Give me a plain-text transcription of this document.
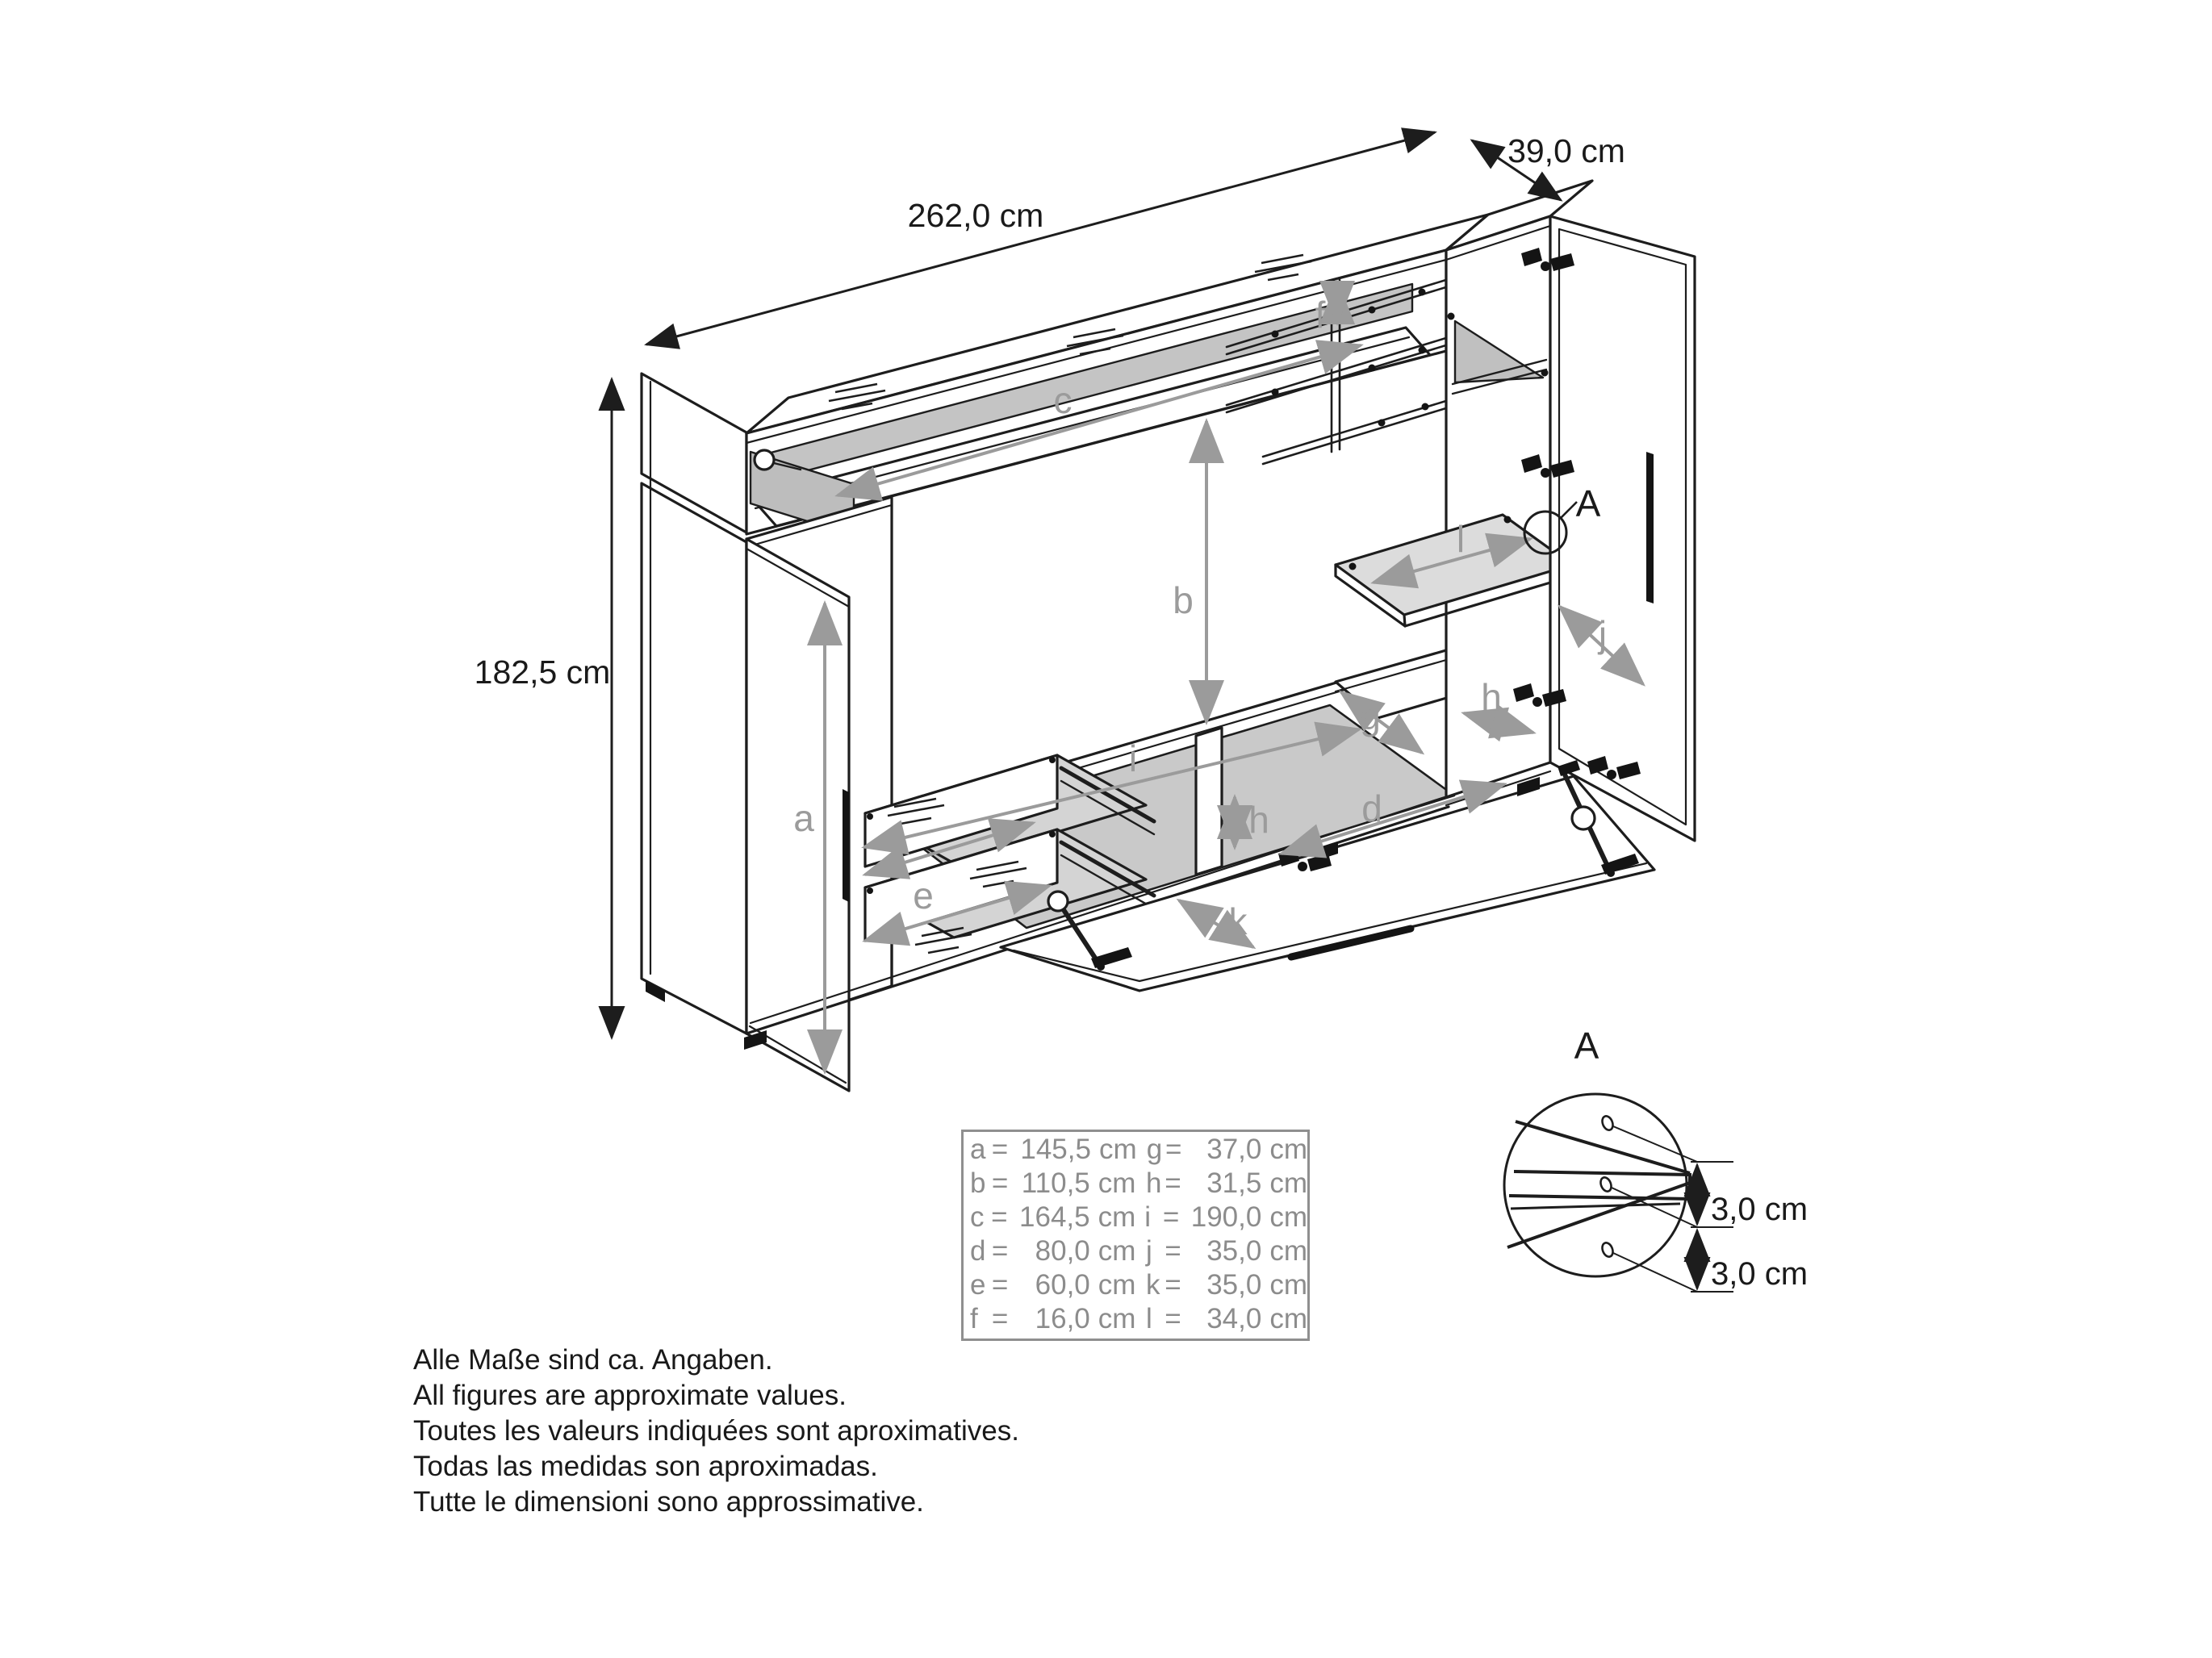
a
b
c
d
e
f
g	h
h
i
j
k
l
262,0 cm
39,0 cm
182,5 cm
A
A
3,0 cm
3,0 cm
a = 145,5 cm g = 37,0 cm
b = 110,5 cm h = 31,5 cm
c = 164,5 cm i = 190,0 cm
d = 80,0 cm j = 35,0 cm
e = 60,0 cm k = 35,0 cm
f = 16,0 cm l = 34,0 cm
Alle Maße sind ca. Angaben.
All figures are approximate values.
Toutes les valeurs indiquées sont aproximatives.
Todas las medidas son aproximadas.
Tutte le dimensioni sono approssimative.
